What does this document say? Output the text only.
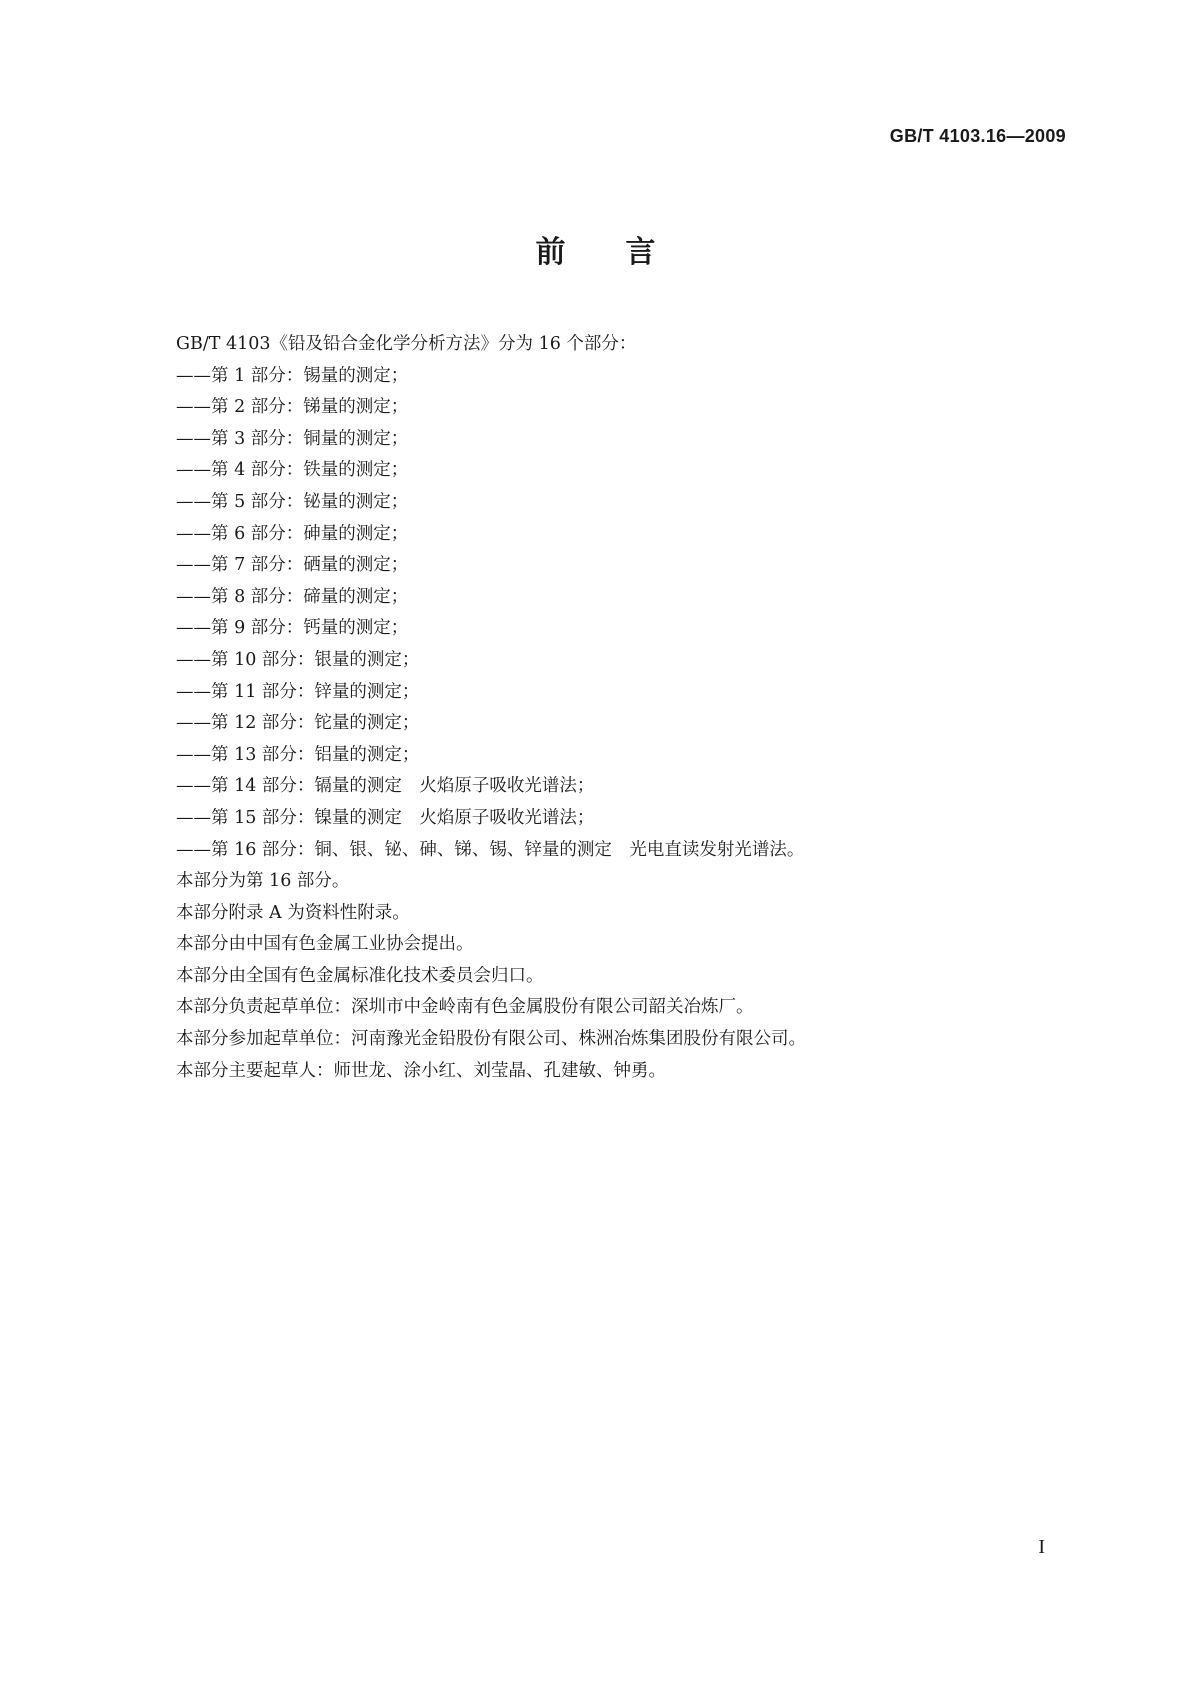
GB/T 4103.16—2009
前言
GB/T 4103《铅及铅合金化学分析方法》分为 16 个部分：
——第 1 部分：锡量的测定；
——第 2 部分：锑量的测定；
——第 3 部分：铜量的测定；
——第 4 部分：铁量的测定；
——第 5 部分：铋量的测定；
——第 6 部分：砷量的测定；
——第 7 部分：硒量的测定；
——第 8 部分：碲量的测定；
——第 9 部分：钙量的测定；
——第 10 部分：银量的测定；
——第 11 部分：锌量的测定；
——第 12 部分：铊量的测定；
——第 13 部分：铝量的测定；
——第 14 部分：镉量的测定　火焰原子吸收光谱法；
——第 15 部分：镍量的测定　火焰原子吸收光谱法；
——第 16 部分：铜、银、铋、砷、锑、锡、锌量的测定　光电直读发射光谱法。
本部分为第 16 部分。
本部分附录 A 为资料性附录。
本部分由中国有色金属工业协会提出。
本部分由全国有色金属标准化技术委员会归口。
本部分负责起草单位：深圳市中金岭南有色金属股份有限公司韶关冶炼厂。
本部分参加起草单位：河南豫光金铅股份有限公司、株洲冶炼集团股份有限公司。
本部分主要起草人：师世龙、涂小红、刘莹晶、孔建敏、钟勇。
I
